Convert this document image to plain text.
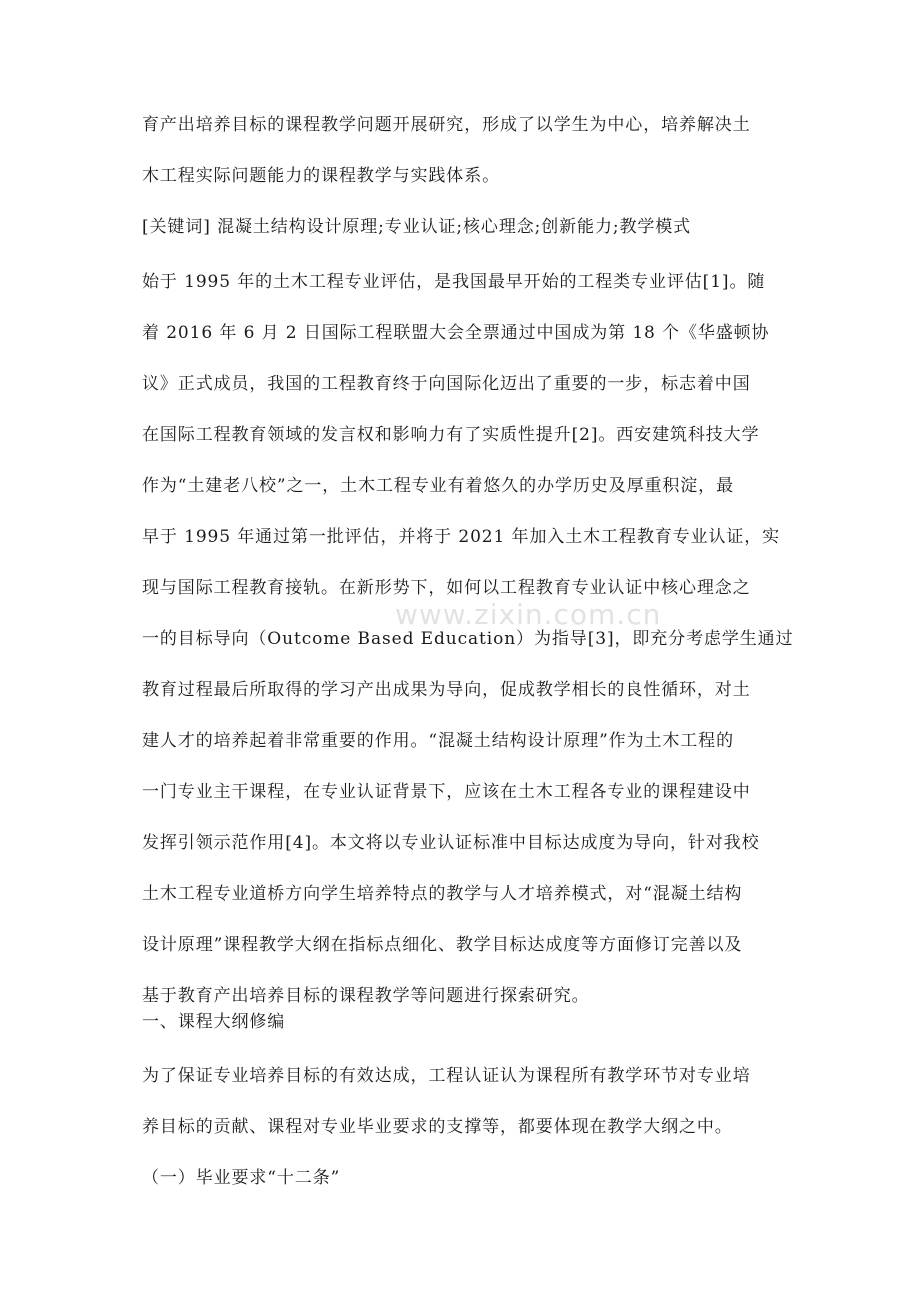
育产出培养目标的课程教学问题开展研究，形成了以学生为中心，培养解决土
木工程实际问题能力的课程教学与实践体系。
[关键词] 混凝土结构设计原理;专业认证;核心理念;创新能力;教学模式
始于 1995 年的土木工程专业评估，是我国最早开始的工程类专业评估[1]。随
着 2016 年 6 月 2 日国际工程联盟大会全票通过中国成为第 18 个《华盛顿协
议》正式成员，我国的工程教育终于向国际化迈出了重要的一步，标志着中国
在国际工程教育领域的发言权和影响力有了实质性提升[2]。西安建筑科技大学
作为“土建老八校”之一，土木工程专业有着悠久的办学历史及厚重积淀，最
早于 1995 年通过第一批评估，并将于 2021 年加入土木工程教育专业认证，实
现与国际工程教育接轨。在新形势下，如何以工程教育专业认证中核心理念之
一的目标导向（Outcome Based Education）为指导[3]，即充分考虑学生通过
教育过程最后所取得的学习产出成果为导向，促成教学相长的良性循环，对土
建人才的培养起着非常重要的作用。“混凝土结构设计原理”作为土木工程的
一门专业主干课程，在专业认证背景下，应该在土木工程各专业的课程建设中
发挥引领示范作用[4]。本文将以专业认证标准中目标达成度为导向，针对我校
土木工程专业道桥方向学生培养特点的教学与人才培养模式，对“混凝土结构
设计原理”课程教学大纲在指标点细化、教学目标达成度等方面修订完善以及
基于教育产出培养目标的课程教学等问题进行探索研究。
一、课程大纲修编
为了保证专业培养目标的有效达成，工程认证认为课程所有教学环节对专业培
养目标的贡献、课程对专业毕业要求的支撑等，都要体现在教学大纲之中。
（一）毕业要求“十二条”
www.zixin.com.cn
